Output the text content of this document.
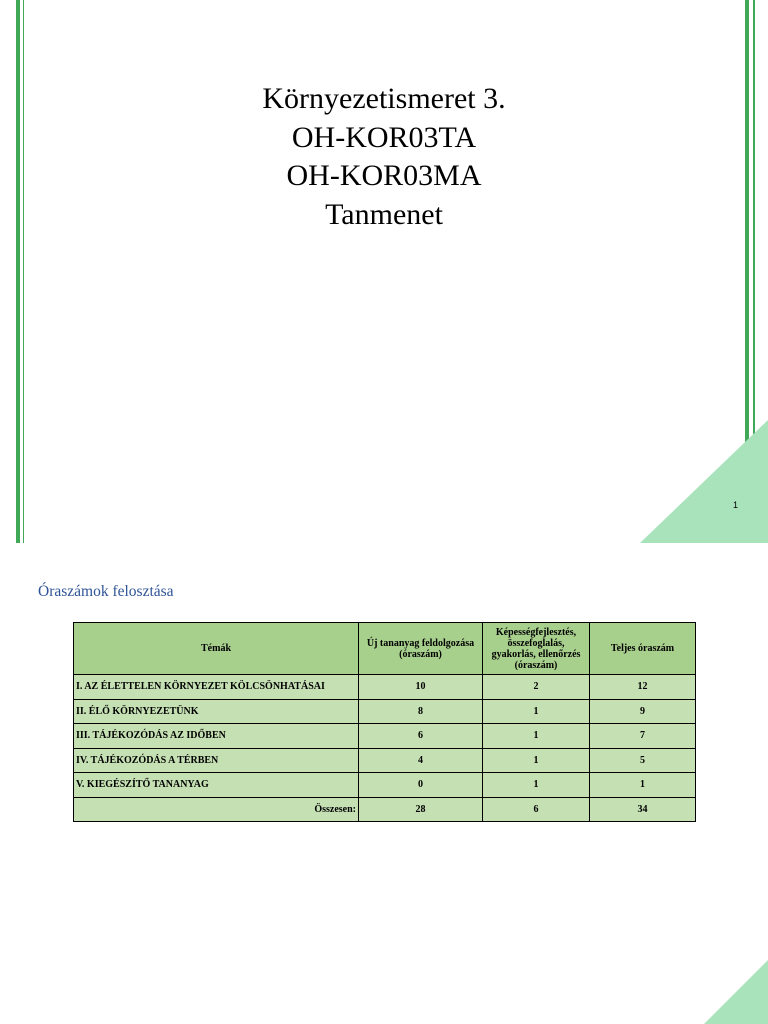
Környezetismeret 3.
OH-KOR03TA
OH-KOR03MA
Tanmenet
1
Óraszámok felosztása
Témák	Új tananyag feldolgozása (óraszám)	Képességfejlesztés, összefoglalás, gyakorlás, ellenőrzés (óraszám)	Teljes óraszám
I. AZ ÉLETTELEN KÖRNYEZET KÖLCSÖNHATÁSAI	10	2	12
II. ÉLŐ KÖRNYEZETÜNK	8	1	9
III. TÁJÉKOZÓDÁS AZ IDŐBEN	6	1	7
IV. TÁJÉKOZÓDÁS A TÉRBEN	4	1	5
V. KIEGÉSZÍTŐ TANANYAG	0	1	1
Összesen:	28	6	34
